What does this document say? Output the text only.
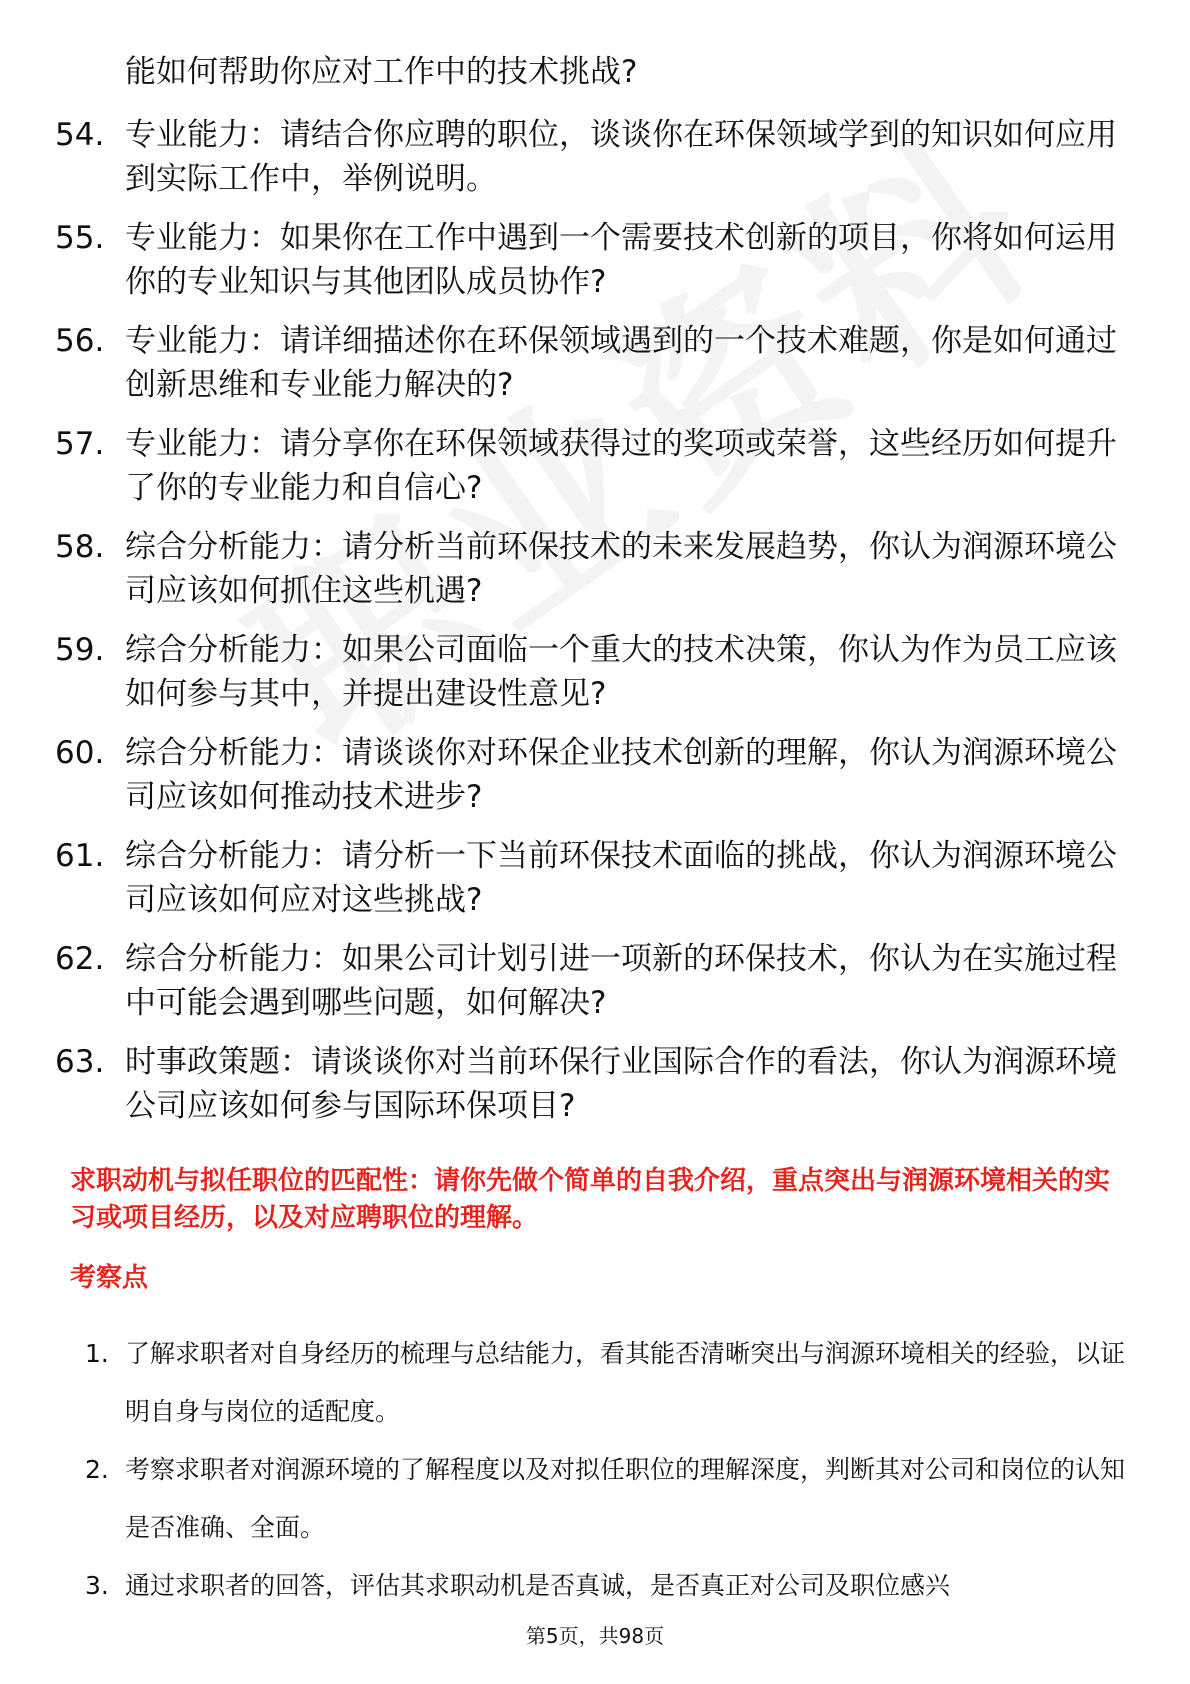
能如何帮助你应对工作中的技术挑战?

54. 专业能力：请结合你应聘的职位，谈谈你在环保领域学到的知识如何应用到实际工作中，举例说明。
55. 专业能力：如果你在工作中遇到一个需要技术创新的项目，你将如何运用你的专业知识与其他团队成员协作?
56. 专业能力：请详细描述你在环保领域遇到的一个技术难题，你是如何通过创新思维和专业能力解决的?
57. 专业能力：请分享你在环保领域获得过的奖项或荣誉，这些经历如何提升了你的专业能力和自信心?
58. 综合分析能力：请分析当前环保技术的未来发展趋势，你认为润源环境公司应该如何抓住这些机遇?
59. 综合分析能力：如果公司面临一个重大的技术决策，你认为作为员工应该如何参与其中，并提出建设性意见?
60. 综合分析能力：请谈谈你对环保企业技术创新的理解，你认为润源环境公司应该如何推动技术进步?
61. 综合分析能力：请分析一下当前环保技术面临的挑战，你认为润源环境公司应该如何应对这些挑战?
62. 综合分析能力：如果公司计划引进一项新的环保技术，你认为在实施过程中可能会遇到哪些问题，如何解决?
63. 时事政策题：请谈谈你对当前环保行业国际合作的看法，你认为润源环境公司应该如何参与国际环保项目?

求职动机与拟任职位的匹配性：请你先做个简单的自我介绍，重点突出与润源环境相关的实习或项目经历，以及对应聘职位的理解。

考察点

1. 了解求职者对自身经历的梳理与总结能力，看其能否清晰突出与润源环境相关的经验，以证明自身与岗位的适配度。
2. 考察求职者对润源环境的了解程度以及对拟任职位的理解深度，判断其对公司和岗位的认知是否准确、全面。
3. 通过求职者的回答，评估其求职动机是否真诚，是否真正对公司及职位感兴
第5页，共98页
